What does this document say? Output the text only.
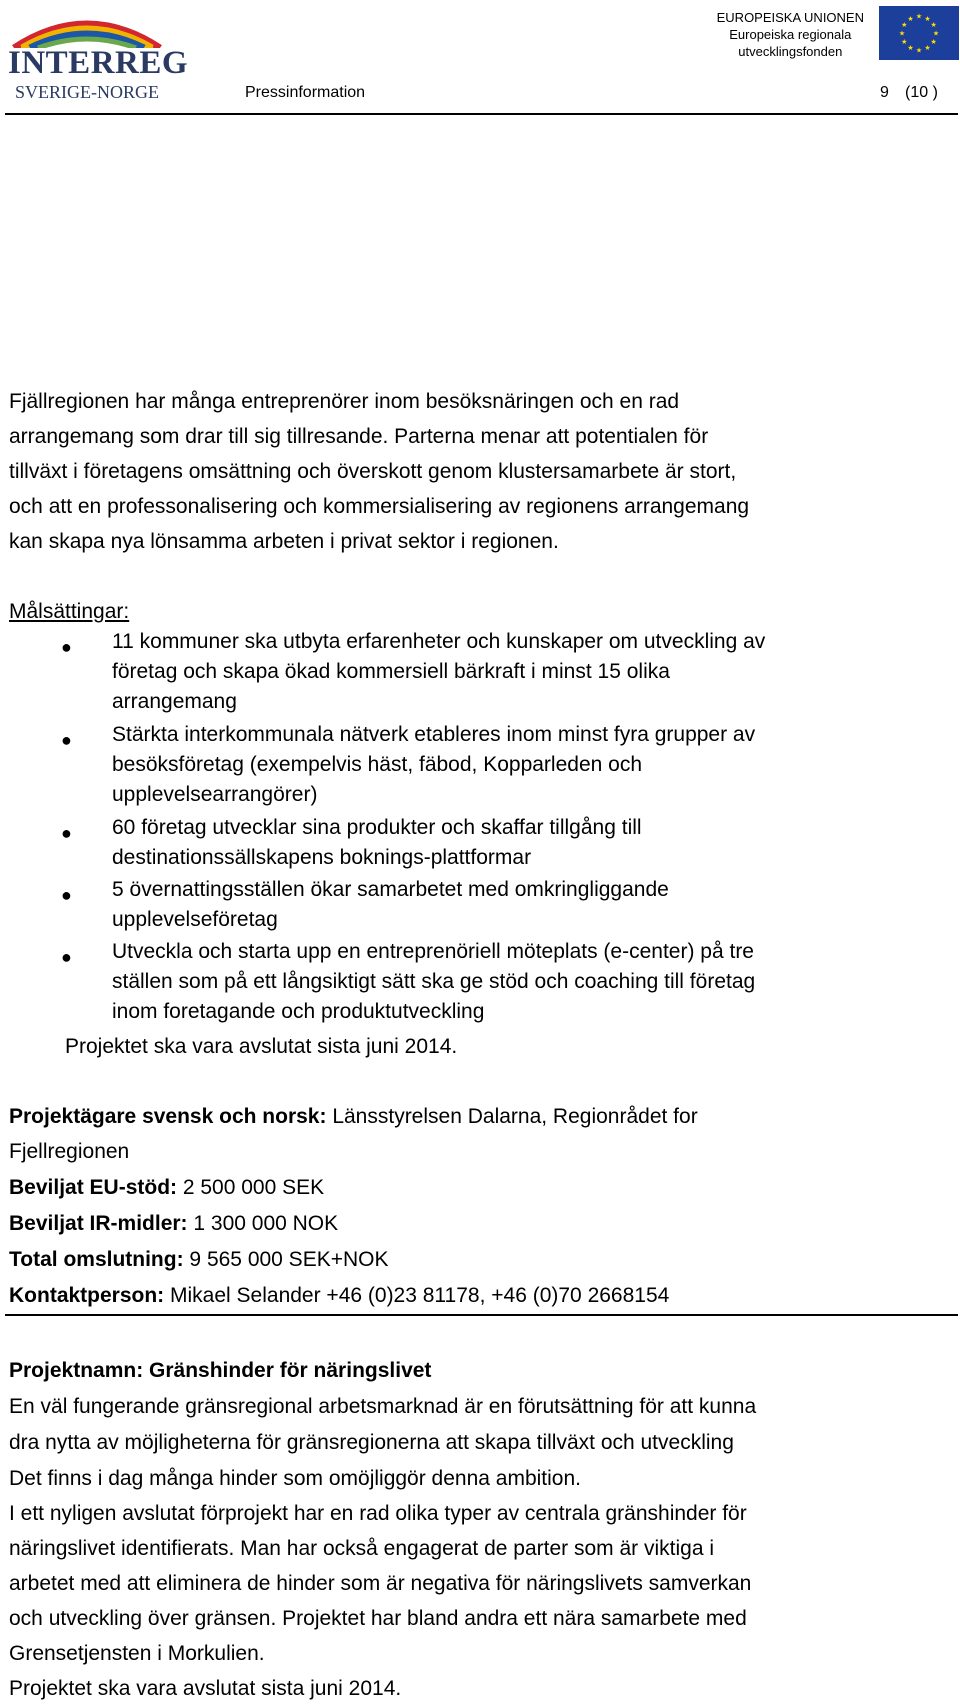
INTERREG
SVERIGE-NORGE
EUROPEISKA UNIONEN
Europeiska regionala
utvecklingsfonden
★ ★
★
★
★
★
★
★
★
★
★
★
Pressinformation	9 (10 )
Fjällregionen har många entreprenörer inom besöksnäringen och en rad
arrangemang som drar till sig tillresande. Parterna menar att potentialen för
tillväxt i företagens omsättning och överskott genom klustersamarbete är stort,
och att en professonalisering och kommersialisering av regionens arrangemang
kan skapa nya lönsamma arbeten i privat sektor i regionen.
Målsättingar:
● 11 kommuner ska utbyta erfarenheter och kunskaper om utveckling av
företag och skapa ökad kommersiell bärkraft i minst 15 olika
arrangemang
● Stärkta interkommunala nätverk etableres inom minst fyra grupper av
besöksföretag (exempelvis häst, fäbod, Kopparleden och
upplevelsearrangörer)
● 60 företag utvecklar sina produkter och skaffar tillgång till
destinationssällskapens boknings-plattformar
● 5 övernattingsställen ökar samarbetet med omkringliggande
upplevelseföretag
● Utveckla och starta upp en entreprenöriell möteplats (e-center) på tre
ställen som på ett långsiktigt sätt ska ge stöd och coaching till företag
inom foretagande och produktutveckling
Projektet ska vara avslutat sista juni 2014.
Projektägare svensk och norsk: Länsstyrelsen Dalarna, Regionrådet for
Fjellregionen
Beviljat EU-stöd: 2 500 000 SEK
Beviljat IR-midler: 1 300 000 NOK
Total omslutning: 9 565 000 SEK+NOK
Kontaktperson: Mikael Selander +46 (0)23 81178, +46 (0)70 2668154
Projektnamn: Gränshinder för näringslivet
En väl fungerande gränsregional arbetsmarknad är en förutsättning för att kunna
dra nytta av möjligheterna för gränsregionerna att skapa tillväxt och utveckling
Det finns i dag många hinder som omöjliggör denna ambition.
I ett nyligen avslutat förprojekt har en rad olika typer av centrala gränshinder för
näringslivet identifierats. Man har också engagerat de parter som är viktiga i
arbetet med att eliminera de hinder som är negativa för näringslivets samverkan
och utveckling över gränsen. Projektet har bland andra ett nära samarbete med
Grensetjensten i Morkulien.
Projektet ska vara avslutat sista juni 2014.
